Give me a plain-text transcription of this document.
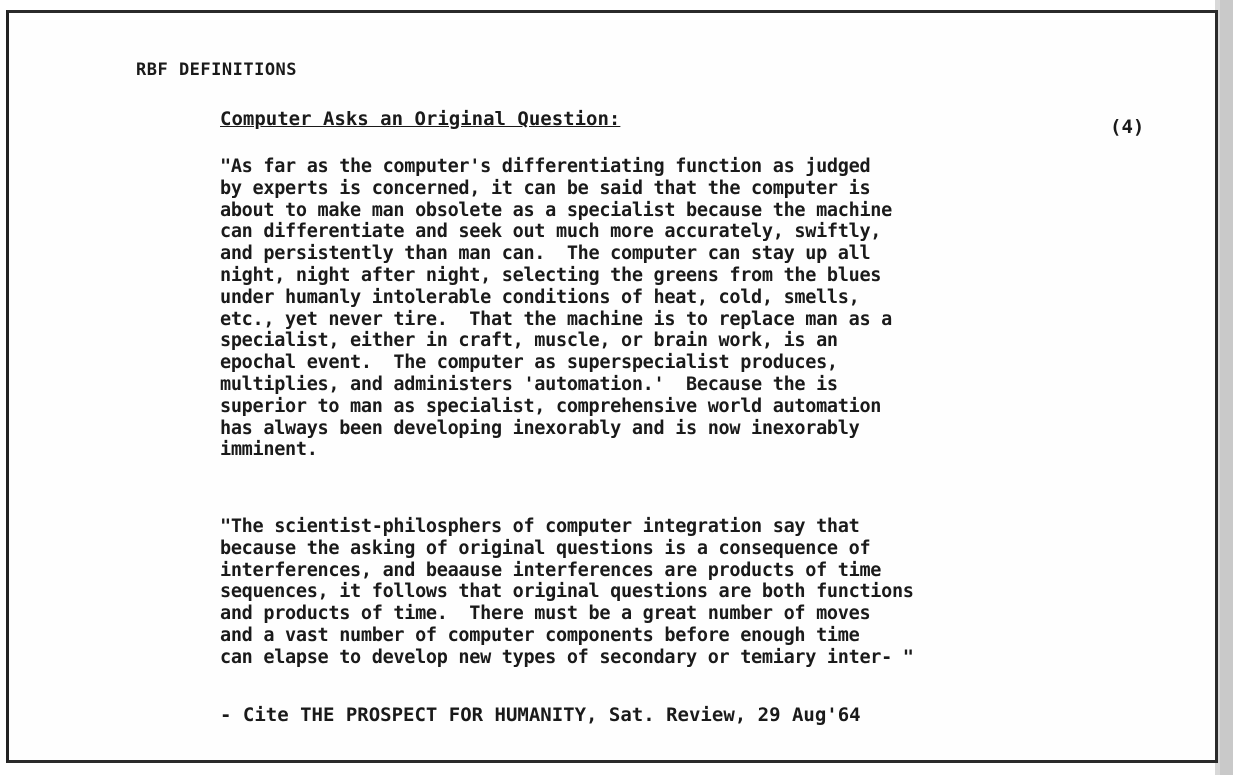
RBF DEFINITIONS
Computer Asks an Original Question:	(4)

"As far as the computer's differentiating function as judged
by experts is concerned, it can be said that the computer is
about to make man obsolete as a specialist because the machine
can differentiate and seek out much more accurately, swiftly,
and persistently than man can.  The computer can stay up all
night, night after night, selecting the greens from the blues
under humanly intolerable conditions of heat, cold, smells,
etc., yet never tire.  That the machine is to replace man as a
specialist, either in craft, muscle, or brain work, is an
epochal event.  The computer as superspecialist produces,
multiplies, and administers 'automation.'  Because the is
superior to man as specialist, comprehensive world automation
has always been developing inexorably and is now inexorably
imminent.

"The scientist-philosphers of computer integration say that
because the asking of original questions is a consequence of
interferences, and beaause interferences are products of time
sequences, it follows that original questions are both functions
and products of time.  There must be a great number of moves
and a vast number of computer components before enough time
can elapse to develop new types of secondary or temiary inter- "

- Cite THE PROSPECT FOR HUMANITY, Sat. Review, 29 Aug'64
